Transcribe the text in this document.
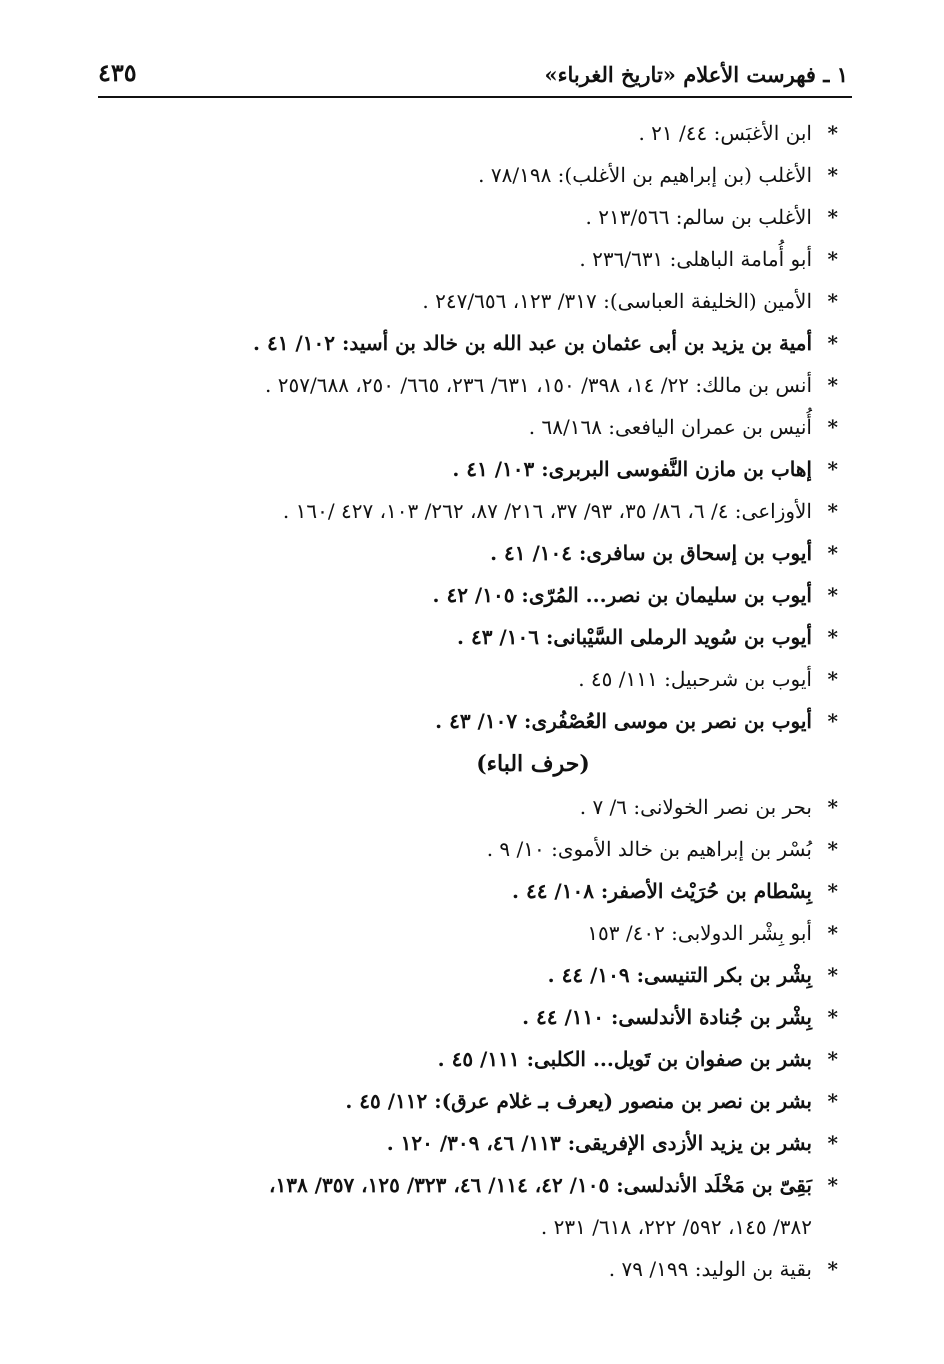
١ ـ فهرست الأعلام «تاريخ الغرباء»
٤٣٥
*
ابن الأغبَس: ٤٤/ ٢١ .
*
الأغلب (بن إبراهيم بن الأغلب): ٧٨/١٩٨ .
*
الأغلب بن سالم: ٢١٣/٥٦٦ .
*
أبو أُمامة الباهلى: ٢٣٦/٦٣١ .
*
الأمين (الخليفة العباسى): ٣١٧/ ١٢٣، ٢٤٧/٦٥٦ .
*
أمية بن يزيد بن أبى عثمان بن عبد الله بن خالد بن أسيد: ١٠٢/ ٤١ .
*
أنس بن مالك: ٢٢/ ١٤، ٣٩٨/ ١٥٠، ٦٣١/ ٢٣٦، ٦٦٥/ ٢٥٠، ٢٥٧/٦٨٨ .
*
أُنيس بن عمران اليافعى: ٦٨/١٦٨ .
*
إهاب بن مازن النَّفوسى البربرى: ١٠٣/ ٤١ .
*
الأوزاعى: ٤/ ٦، ٨٦/ ٣٥، ٩٣/ ٣٧، ٢١٦/ ٨٧، ٢٦٢/ ١٠٣، ٤٢٧ /١٦٠ .
*
أيوب بن إسحاق بن سافرى: ١٠٤/ ٤١ .
*
أيوب بن سليمان بن نصر... المُرّى: ١٠٥/ ٤٢ .
*
أيوب بن سُويد الرملى السَّيْبانى: ١٠٦/ ٤٣ .
*
أيوب بن شرحبيل: ١١١/ ٤٥ .
*
أيوب بن نصر بن موسى العُصْفُرى: ١٠٧/ ٤٣ .
(حرف الباء)
*
بحر بن نصر الخولانى: ٦/ ٧ .
*
بُسْر بن إبراهيم بن خالد الأموى: ١٠/ ٩ .
*
بِسْطام بن حُرَيْث الأصفر: ١٠٨/ ٤٤ .
*
أبو بِشْر الدولابى: ٤٠٢/ ١٥٣
*
بِشْر بن بكر التنيسى: ١٠٩/ ٤٤ .
*
بِشْر بن جُنادة الأندلسى: ١١٠/ ٤٤ .
*
بشر بن صفوان بن تَويل... الكلبى: ١١١/ ٤٥ .
*
بشر بن نصر بن منصور (يعرف بـ غلام عرق): ١١٢/ ٤٥ .
*
بشر بن يزيد الأزدى الإفريقى: ١١٣/ ٤٦، ٣٠٩/ ١٢٠ .
*
بَقِىّ بن مَخْلَد الأندلسى: ١٠٥/ ٤٢، ١١٤/ ٤٦، ٣٢٣/ ١٢٥، ٣٥٧/ ١٣٨،
٣٨٢/ ١٤٥، ٥٩٢/ ٢٢٢، ٦١٨/ ٢٣١ .
*
بقية بن الوليد: ١٩٩/ ٧٩ .
